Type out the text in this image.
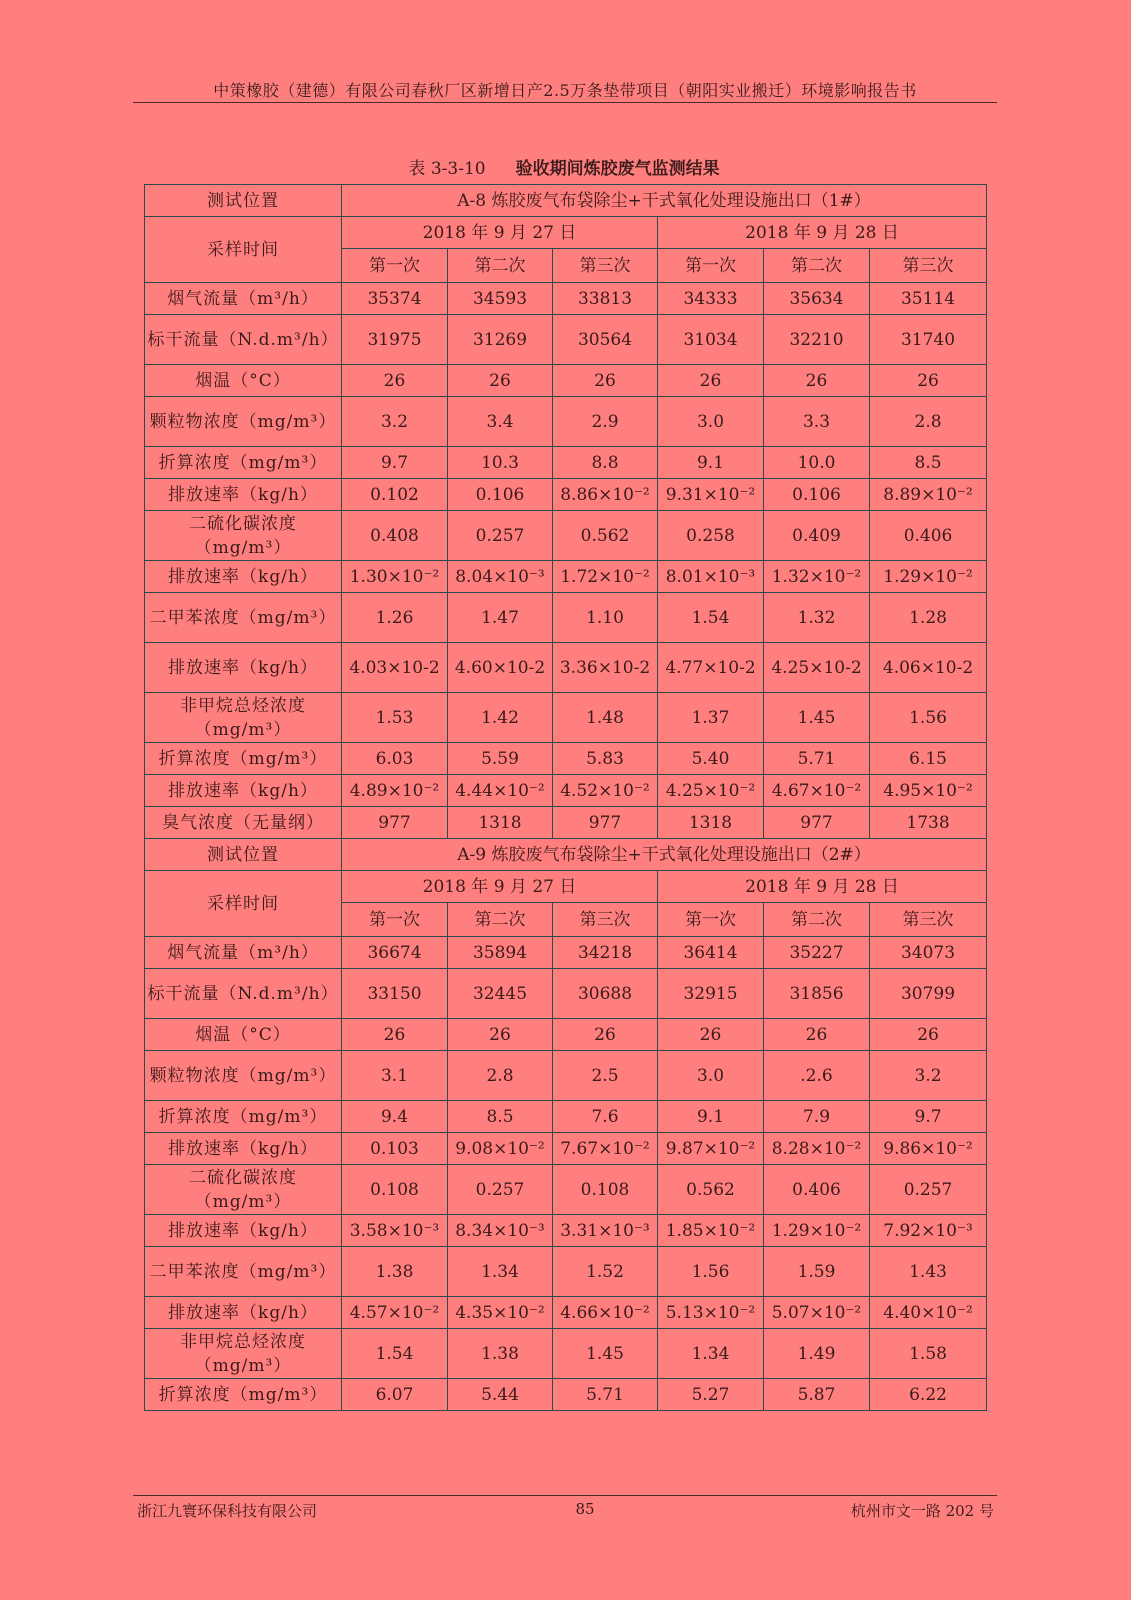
中策橡胶（建德）有限公司春秋厂区新增日产2.5万条垫带项目（朝阳实业搬迁）环境影响报告书
表 3-3-10 验收期间炼胶废气监测结果
测试位置	A-8 炼胶废气布袋除尘+干式氧化处理设施出口（1#）					
采样时间	2018 年 9 月 27 日			2018 年 9 月 28 日		
	第一次	第二次	第三次	第一次	第二次	第三次
烟气流量（m³/h）	35374	34593	33813	34333	35634	35114
标干流量（N.d.m³/h）	31975	31269	30564	31034	32210	31740
烟温（°C）	26	26	26	26	26	26
颗粒物浓度（mg/m³）	3.2	3.4	2.9	3.0	3.3	2.8
折算浓度（mg/m³）	9.7	10.3	8.8	9.1	10.0	8.5
排放速率（kg/h）	0.102	0.106	8.86×10⁻²	9.31×10⁻²	0.106	8.89×10⁻²
二硫化碳浓度（mg/m³）	0.408	0.257	0.562	0.258	0.409	0.406
排放速率（kg/h）	1.30×10⁻²	8.04×10⁻³	1.72×10⁻²	8.01×10⁻³	1.32×10⁻²	1.29×10⁻²
二甲苯浓度（mg/m³）	1.26	1.47	1.10	1.54	1.32	1.28
排放速率（kg/h）	4.03×10-2	4.60×10-2	3.36×10-2	4.77×10-2	4.25×10-2	4.06×10-2
非甲烷总烃浓度（mg/m³）	1.53	1.42	1.48	1.37	1.45	1.56
折算浓度（mg/m³）	6.03	5.59	5.83	5.40	5.71	6.15
排放速率（kg/h）	4.89×10⁻²	4.44×10⁻²	4.52×10⁻²	4.25×10⁻²	4.67×10⁻²	4.95×10⁻²
臭气浓度（无量纲）	977	1318	977	1318	977	1738
测试位置	A-9 炼胶废气布袋除尘+干式氧化处理设施出口（2#）					
采样时间	2018 年 9 月 27 日			2018 年 9 月 28 日		
	第一次	第二次	第三次	第一次	第二次	第三次
烟气流量（m³/h）	36674	35894	34218	36414	35227	34073
标干流量（N.d.m³/h）	33150	32445	30688	32915	31856	30799
烟温（°C）	26	26	26	26	26	26
颗粒物浓度（mg/m³）	3.1	2.8	2.5	3.0	.2.6	3.2
折算浓度（mg/m³）	9.4	8.5	7.6	9.1	7.9	9.7
排放速率（kg/h）	0.103	9.08×10⁻²	7.67×10⁻²	9.87×10⁻²	8.28×10⁻²	9.86×10⁻²
二硫化碳浓度（mg/m³）	0.108	0.257	0.108	0.562	0.406	0.257
排放速率（kg/h）	3.58×10⁻³	8.34×10⁻³	3.31×10⁻³	1.85×10⁻²	1.29×10⁻²	7.92×10⁻³
二甲苯浓度（mg/m³）	1.38	1.34	1.52	1.56	1.59	1.43
排放速率（kg/h）	4.57×10⁻²	4.35×10⁻²	4.66×10⁻²	5.13×10⁻²	5.07×10⁻²	4.40×10⁻²
非甲烷总烃浓度（mg/m³）	1.54	1.38	1.45	1.34	1.49	1.58
折算浓度（mg/m³）	6.07	5.44	5.71	5.27	5.87	6.22
浙江九寰环保科技有限公司	85	杭州市文一路 202 号
